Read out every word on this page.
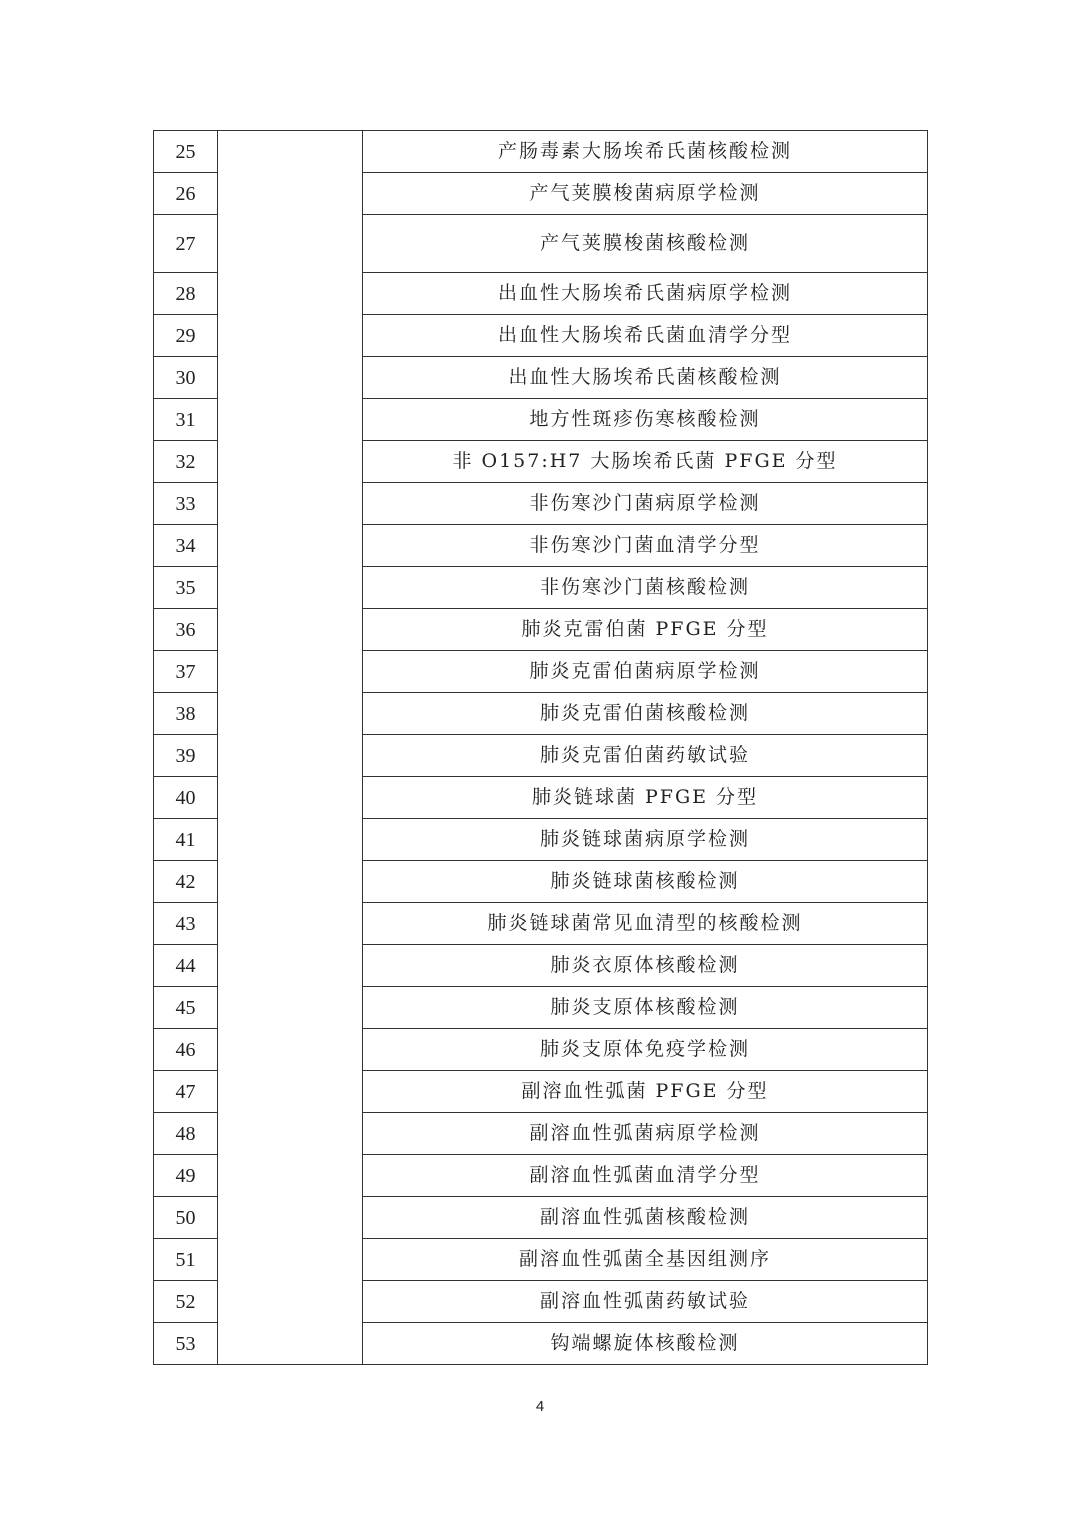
25		产肠毒素大肠埃希氏菌核酸检测
26		产气荚膜梭菌病原学检测
27		产气荚膜梭菌核酸检测
28		出血性大肠埃希氏菌病原学检测
29		出血性大肠埃希氏菌血清学分型
30		出血性大肠埃希氏菌核酸检测
31		地方性斑疹伤寒核酸检测
32		非 O157:H7 大肠埃希氏菌 PFGE 分型
33		非伤寒沙门菌病原学检测
34		非伤寒沙门菌血清学分型
35		非伤寒沙门菌核酸检测
36		肺炎克雷伯菌 PFGE 分型
37		肺炎克雷伯菌病原学检测
38		肺炎克雷伯菌核酸检测
39		肺炎克雷伯菌药敏试验
40		肺炎链球菌 PFGE 分型
41		肺炎链球菌病原学检测
42		肺炎链球菌核酸检测
43		肺炎链球菌常见血清型的核酸检测
44		肺炎衣原体核酸检测
45		肺炎支原体核酸检测
46		肺炎支原体免疫学检测
47		副溶血性弧菌 PFGE 分型
48		副溶血性弧菌病原学检测
49		副溶血性弧菌血清学分型
50		副溶血性弧菌核酸检测
51		副溶血性弧菌全基因组测序
52		副溶血性弧菌药敏试验
53		钩端螺旋体核酸检测
4
